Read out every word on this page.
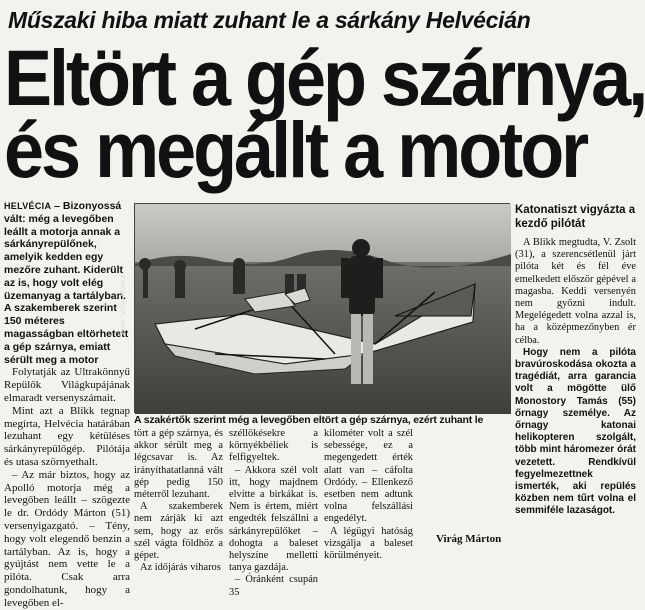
Műszaki hiba miatt zuhant le a sárkány Helvécián
Eltört a gép szárnya,
és megállt a motor
HELVÉCIA – Bizonyossá vált: még a levegőben leállt a motorja annak a sárkányrepülőnek, amelyik kedden egy mezőre zuhant. Kiderült az is, hogy volt elég üzemanyag a tartályban. A szakemberek szerint 150 méteres magasságban eltörhetett a gép szárnya, emiatt sérült meg a motor

Folytatják az Ultrakönnyű Repülők Világkupájának elmaradt versenyszámait.

Mint azt a Blikk tegnap megírta, Helvécia határában lezuhant egy kétüléses sárkányrepülőgép. Pilótája és utasa szörnyethalt.

– Az már biztos, hogy az Apolló motorja még a levegőben leállt – szögezte le dr. Ordódy Márton (51) versenyigazgató. – Tény, hogy volt elegendő benzin a tartályban. Az is, hogy a gyújtást nem vette le a pilóta. Csak arra gondolhatunk, hogy a levegőben el-

Fotó: Virág Márton
A szakértők szerint még a levegőben eltört a gép szárnya, ezért zuhant le

tört a gép szárnya, és akkor sérült meg a légcsavar is. Az irányíthatatlanná vált gép pedig 150 méterről lezuhant.

A szakemberek nem zárják ki azt sem, hogy az erős szél vágta földhöz a gépet.

Az időjárás viharos

széllökésekre a környékbéliek is felfigyeltek.

– Akkora szél volt itt, hogy majdnem elvitte a birkákat is. Nem is értem, miért engedték felszállni a sárkányrepülőket – dohogta a baleset helyszíne melletti tanya gazdája.

– Óránként csupán 35

kilométer volt a szél sebessége, ez a megengedett érték alatt van – cáfolta Ordódy. – Ellenkező esetben nem adtunk volna felszállási engedélyt.

A légügyi hatóság vizsgálja a baleset körülményeit.

Virág Márton
Katonatiszt vigyázta a kezdő pilótát

A Blikk megtudta, V. Zsolt (31), a szerencsétlenül járt pilóta két és fél éve emelkedett először gépével a magasba. Keddi versenyén nem győzni indult. Megelégedett volna azzal is, ha a középmezőnyben ér célba.

Hogy nem a pilóta bravúroskodása okozta a tragédiát, arra garancia volt a mögötte ülő Monostory Tamás (55) őrnagy személye. Az őrnagy katonai helikopteren szolgált, több mint háromezer órát vezetett. Rendkívül fegyelmezettnek ismerték, aki repülés közben nem tűrt volna el semmiféle lazaságot.
